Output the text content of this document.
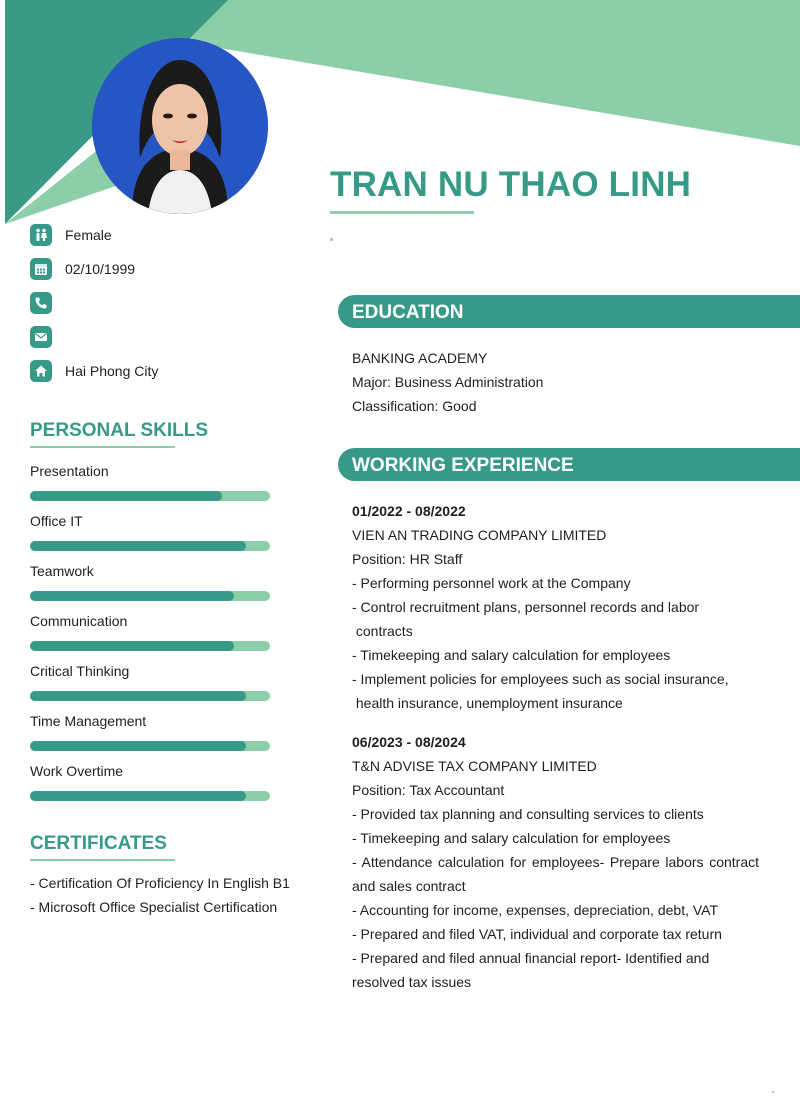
TRAN NU THAO LINH
Female
02/10/1999
Hai Phong City
PERSONAL SKILLS
Presentation
Office IT
Teamwork
Communication
Critical Thinking
Time Management
Work Overtime
CERTIFICATES
- Certification Of Proficiency In English B1
- Microsoft Office Specialist Certification
EDUCATION
BANKING ACADEMY
Major: Business Administration
Classification: Good
WORKING EXPERIENCE
01/2022 - 08/2022
VIEN AN TRADING COMPANY LIMITED
Position: HR Staff
- Performing personnel work at the Company
- Control recruitment plans, personnel records and labor
contracts
- Timekeeping and salary calculation for employees
- Implement policies for employees such as social insurance,
health insurance, unemployment insurance
06/2023 - 08/2024
T&N ADVISE TAX COMPANY LIMITED
Position: Tax Accountant
- Provided tax planning and consulting services to clients
- Timekeeping and salary calculation for employees
- Attendance calculation for employees- Prepare labors contract
and sales contract
- Accounting for income, expenses, depreciation, debt, VAT
- Prepared and filed VAT, individual and corporate tax return
- Prepared and filed annual financial report- Identified and
resolved tax issues
